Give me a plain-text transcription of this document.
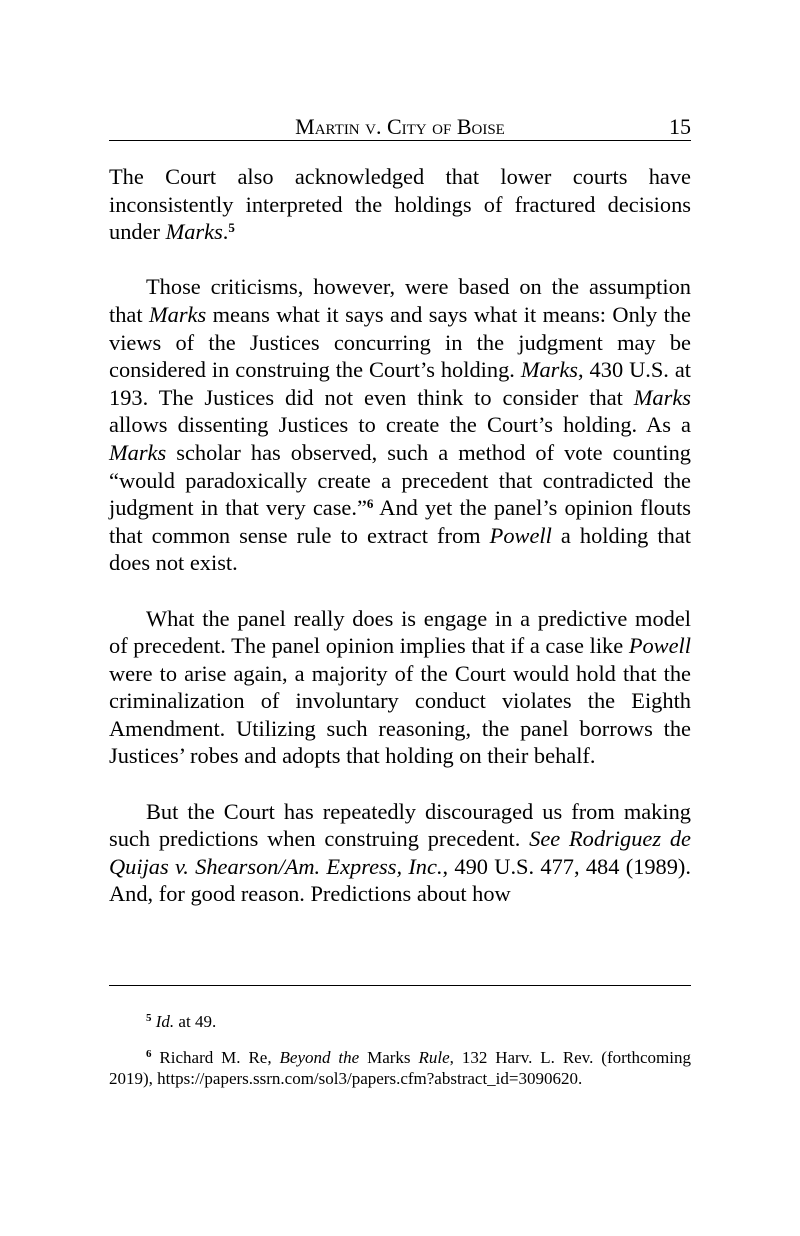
Martin v. City of Boise	15

The Court also acknowledged that lower courts have inconsistently interpreted the holdings of fractured decisions under Marks.$^5$

Those criticisms, however, were based on the assumption that Marks means what it says and says what it means: Only the views of the Justices concurring in the judgment may be considered in construing the Court’s holding. Marks, 430 U.S. at 193. The Justices did not even think to consider that Marks allows dissenting Justices to create the Court’s holding. As a Marks scholar has observed, such a method of vote counting “would paradoxically create a precedent that contradicted the judgment in that very case.”$^6$ And yet the panel’s opinion flouts that common sense rule to extract from Powell a holding that does not exist.

What the panel really does is engage in a predictive model of precedent. The panel opinion implies that if a case like Powell were to arise again, a majority of the Court would hold that the criminalization of involuntary conduct violates the Eighth Amendment. Utilizing such reasoning, the panel borrows the Justices’ robes and adopts that holding on their behalf.

But the Court has repeatedly discouraged us from making such predictions when construing precedent. See Rodriguez de Quijas v. Shearson/Am. Express, Inc., 490 U.S. 477, 484 (1989). And, for good reason. Predictions about how

$^5$ Id. at 49.

$^6$ Richard M. Re, Beyond the Marks Rule, 132 Harv. L. Rev. (forthcoming 2019), https://papers.ssrn.com/sol3/papers.cfm?abstract_id=3090620.
